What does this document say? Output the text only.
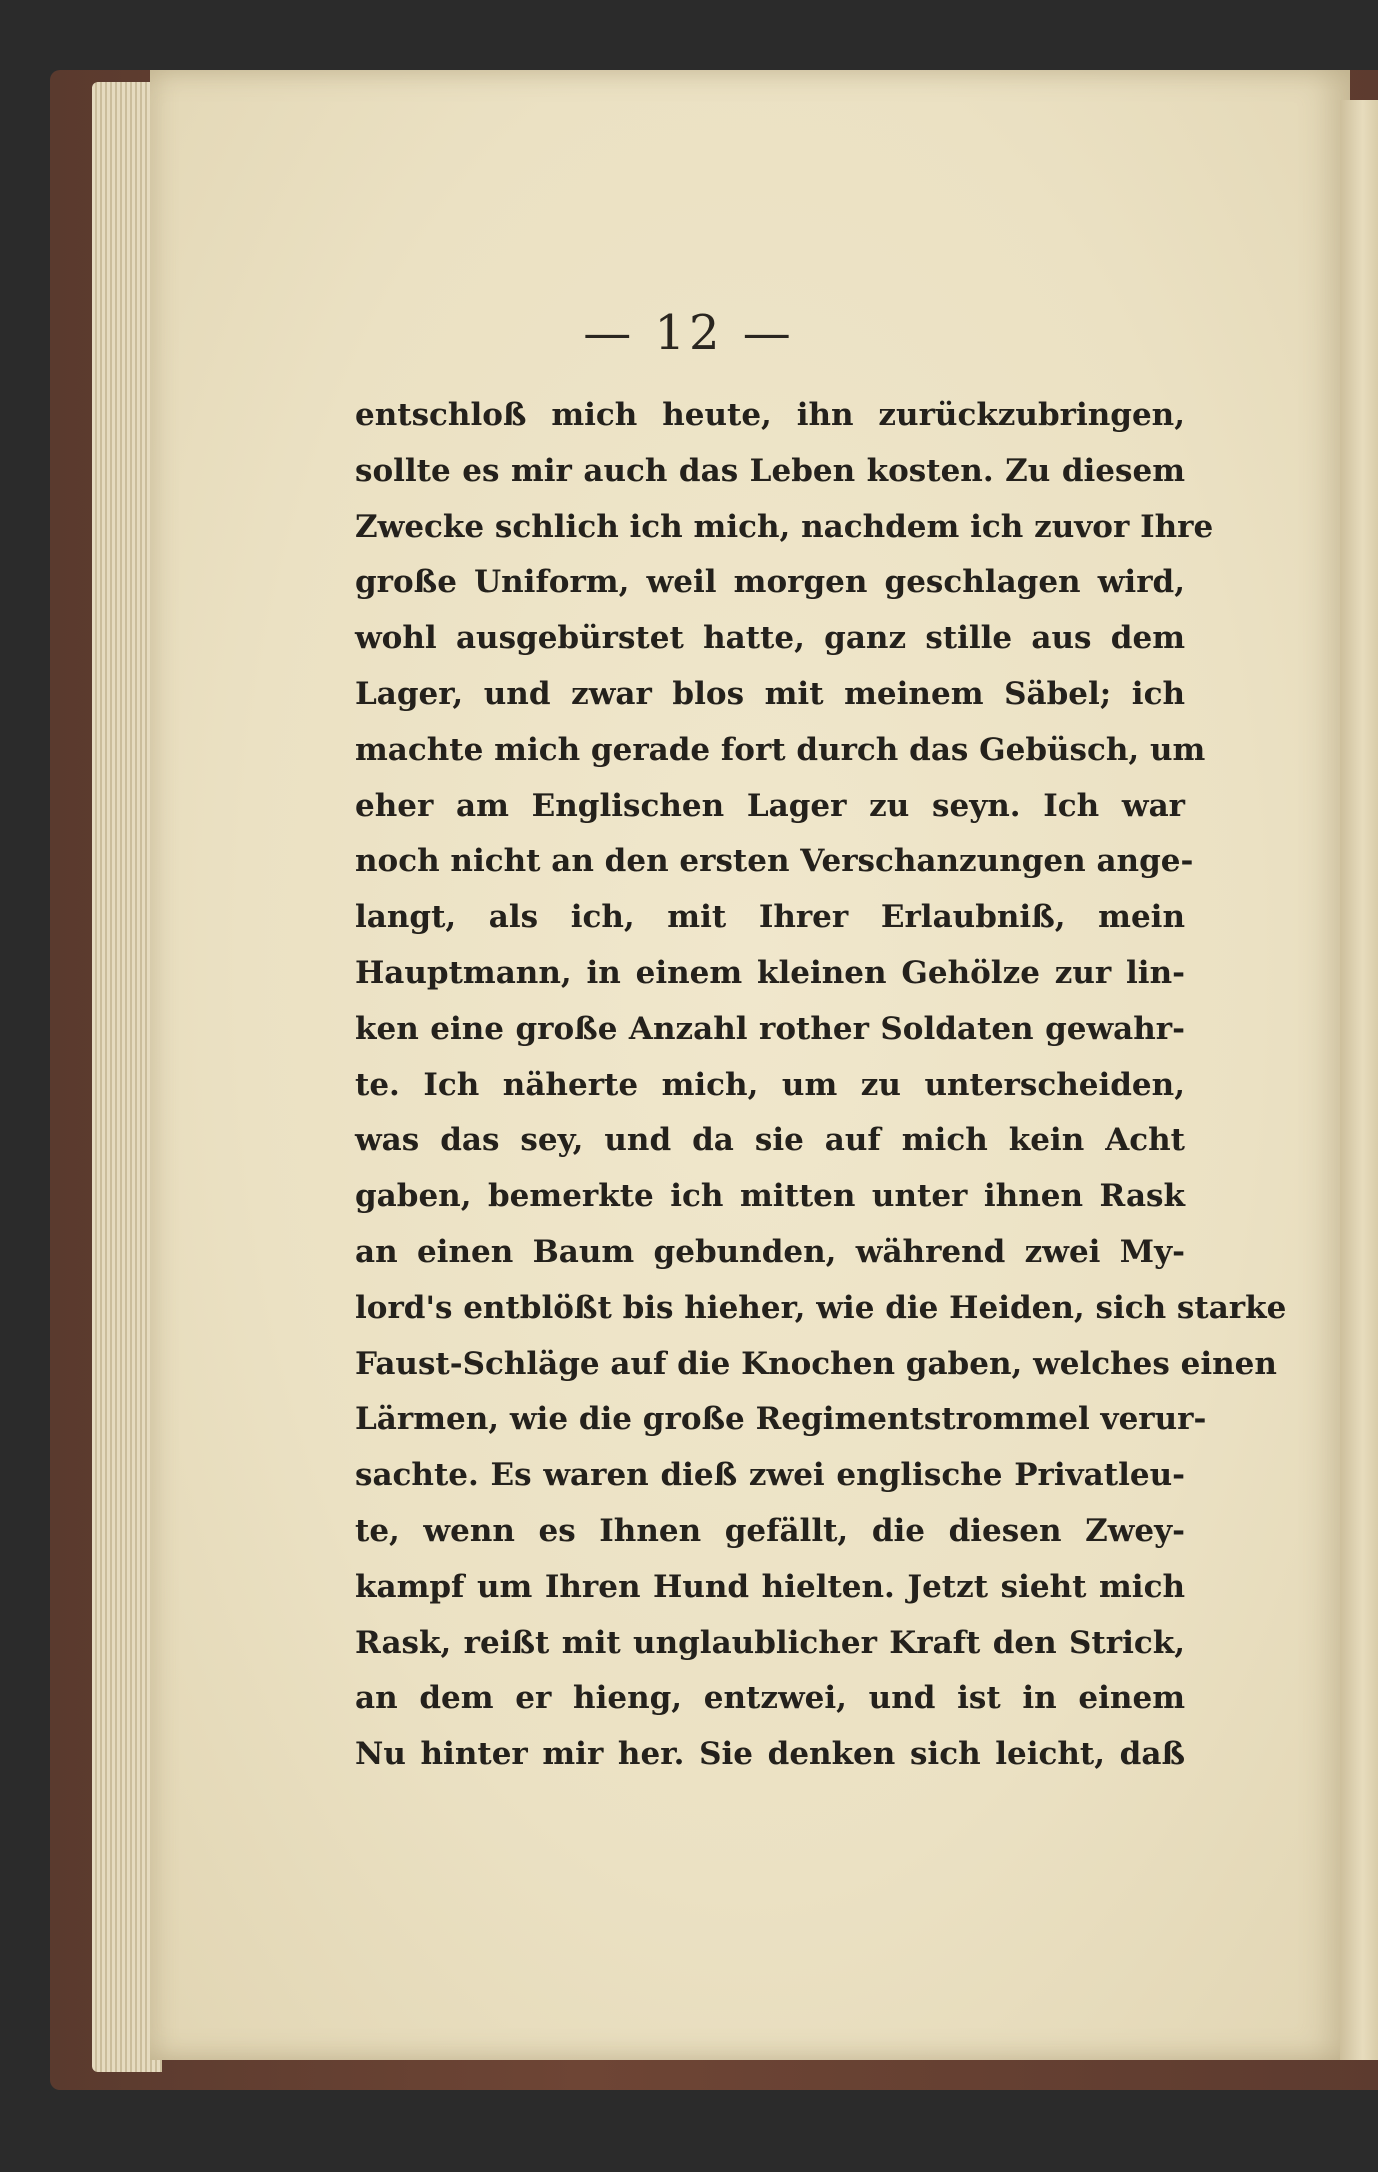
— 12 —
entschloß mich heute, ihn zurückzubringen,
sollte es mir auch das Leben kosten. Zu diesem
Zwecke schlich ich mich, nachdem ich zuvor Ihre
große Uniform, weil morgen geschlagen wird,
wohl ausgebürstet hatte, ganz stille aus dem
Lager, und zwar blos mit meinem Säbel; ich
machte mich gerade fort durch das Gebüsch, um
eher am Englischen Lager zu seyn. Ich war
noch nicht an den ersten Verschanzungen ange-
langt, als ich, mit Ihrer Erlaubniß, mein
Hauptmann, in einem kleinen Gehölze zur lin-
ken eine große Anzahl rother Soldaten gewahr-
te. Ich näherte mich, um zu unterscheiden,
was das sey, und da sie auf mich kein Acht
gaben, bemerkte ich mitten unter ihnen Rask
an einen Baum gebunden, während zwei My-
lord's entblößt bis hieher, wie die Heiden, sich starke
Faust-Schläge auf die Knochen gaben, welches einen
Lärmen, wie die große Regimentstrommel verur-
sachte. Es waren dieß zwei englische Privatleu-
te, wenn es Ihnen gefällt, die diesen Zwey-
kampf um Ihren Hund hielten. Jetzt sieht mich
Rask, reißt mit unglaublicher Kraft den Strick,
an dem er hieng, entzwei, und ist in einem
Nu hinter mir her. Sie denken sich leicht, daß
